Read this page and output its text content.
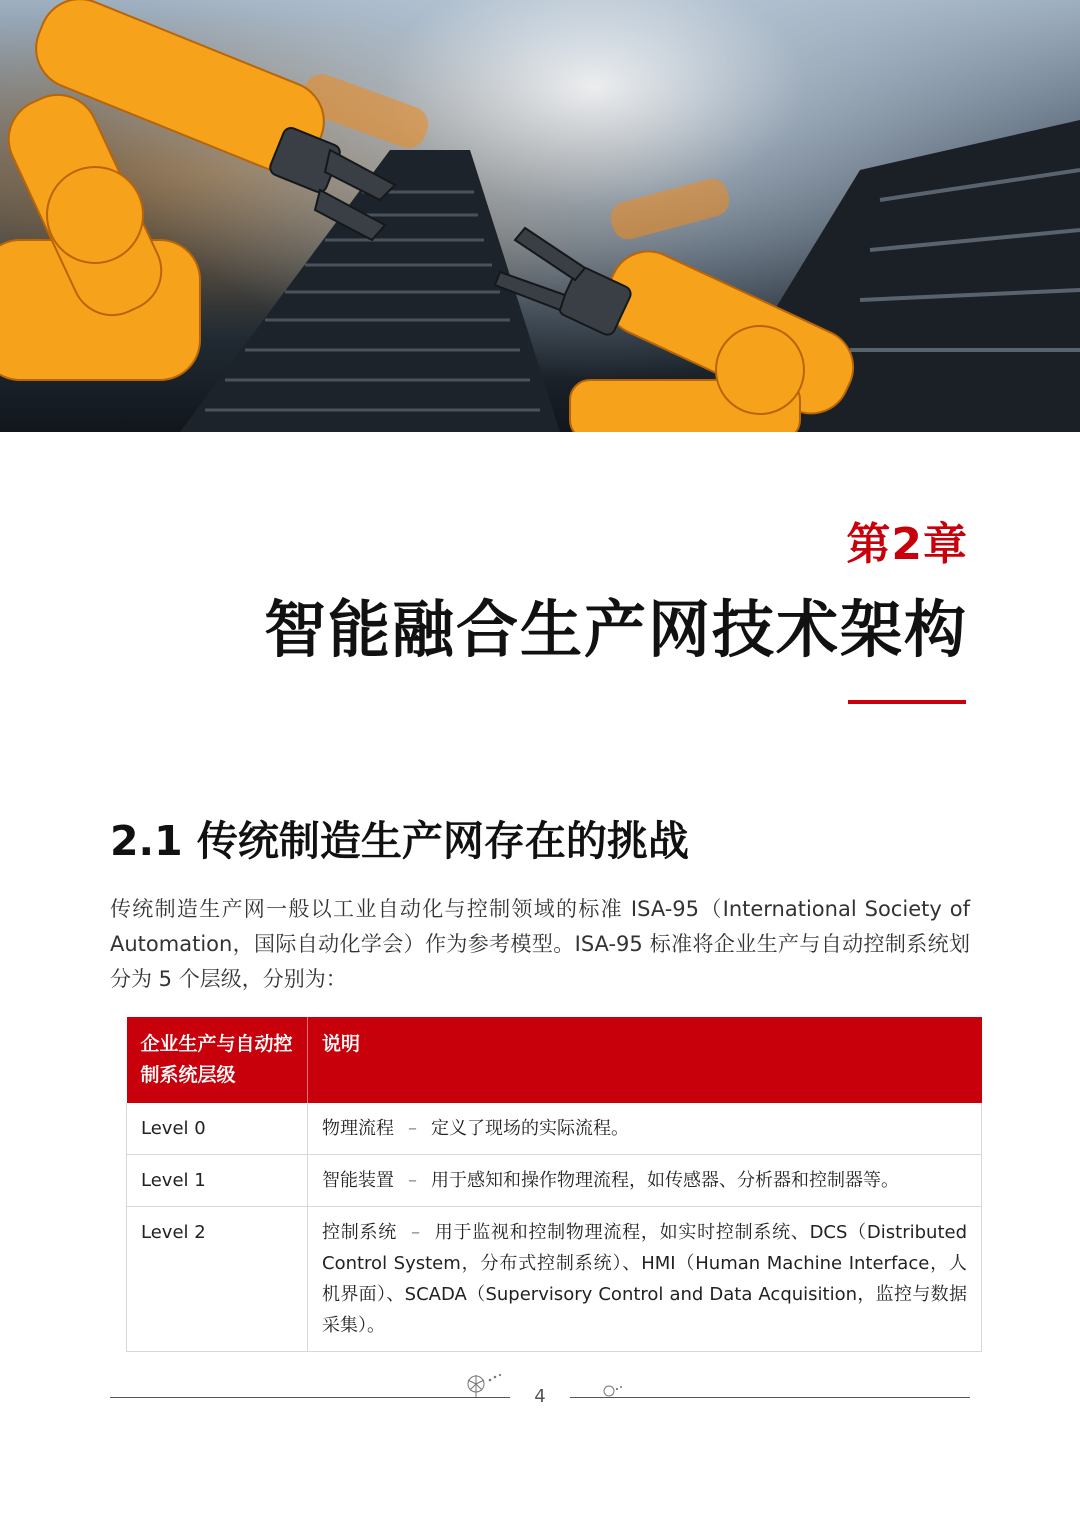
第2章
智能融合生产网技术架构
2.1 传统制造生产网存在的挑战
传统制造生产网一般以工业自动化与控制领域的标准 ISA-95（International Society of Automation，国际自动化学会）作为参考模型。ISA-95 标准将企业生产与自动控制系统划分为 5 个层级，分别为：
企业生产与自动控制系统层级	说明
Level 0	物理流程 – 定义了现场的实际流程。
Level 1	智能装置 – 用于感知和操作物理流程，如传感器、分析器和控制器等。
Level 2	控制系统 – 用于监视和控制物理流程，如实时控制系统、DCS（Distributed Control System，分布式控制系统）、HMI（Human Machine Interface，人机界面）、SCADA（Supervisory Control and Data Acquisition，监控与数据采集）。
4
